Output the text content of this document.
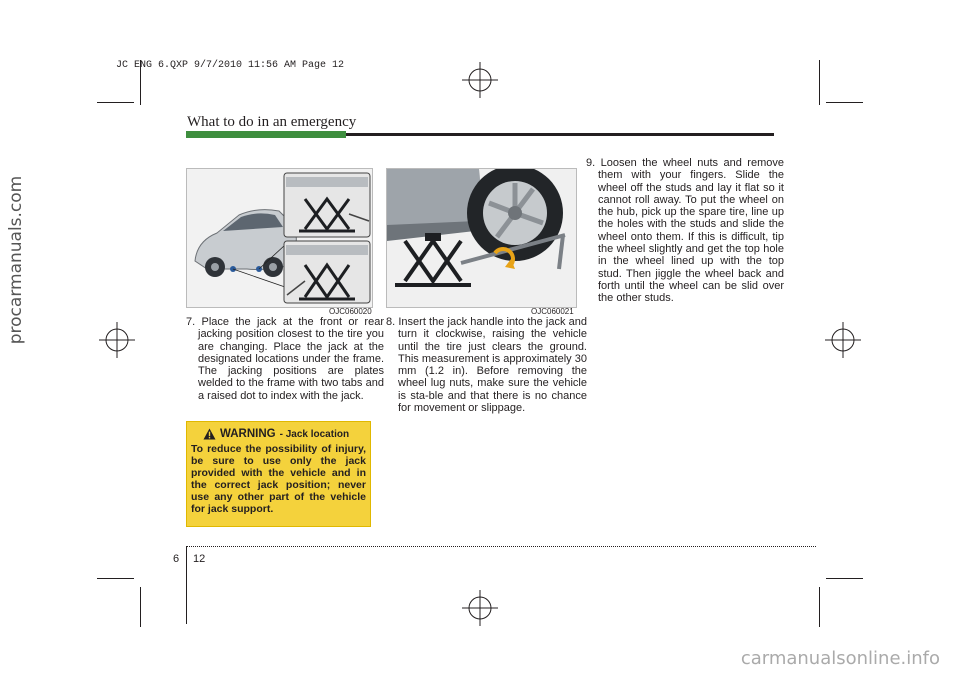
JC ENG 6.QXP 9/7/2010 11:56 AM Page 12
procarmanuals.com
What to do in an emergency
OJC060020	OJC060021
7. Place the jack at the front or rear jacking position closest to the tire you are changing. Place the jack at the designated locations under the frame. The jacking positions are plates welded to the frame with two tabs and a raised dot to index with the jack.
8. Insert the jack handle into the jack and turn it clockwise, raising the vehicle until the tire just clears the ground. This measurement is approximately 30 mm (1.2 in). Before removing the wheel lug nuts, make sure the vehicle is sta-ble and that there is no chance for movement or slippage.
9. Loosen the wheel nuts and remove them with your fingers. Slide the wheel off the studs and lay it flat so it cannot roll away. To put the wheel on the hub, pick up the spare tire, line up the holes with the studs and slide the wheel onto them. If this is difficult, tip the wheel slightly and get the top hole in the wheel lined up with the top stud. Then jiggle the wheel back and forth until the wheel can be slid over the other studs.
WARNING - Jack location
To reduce the possibility of injury, be sure to use only the jack provided with the vehicle and in the correct jack position; never use any other part of the vehicle for jack support.
6 12
carmanualsonline.info
